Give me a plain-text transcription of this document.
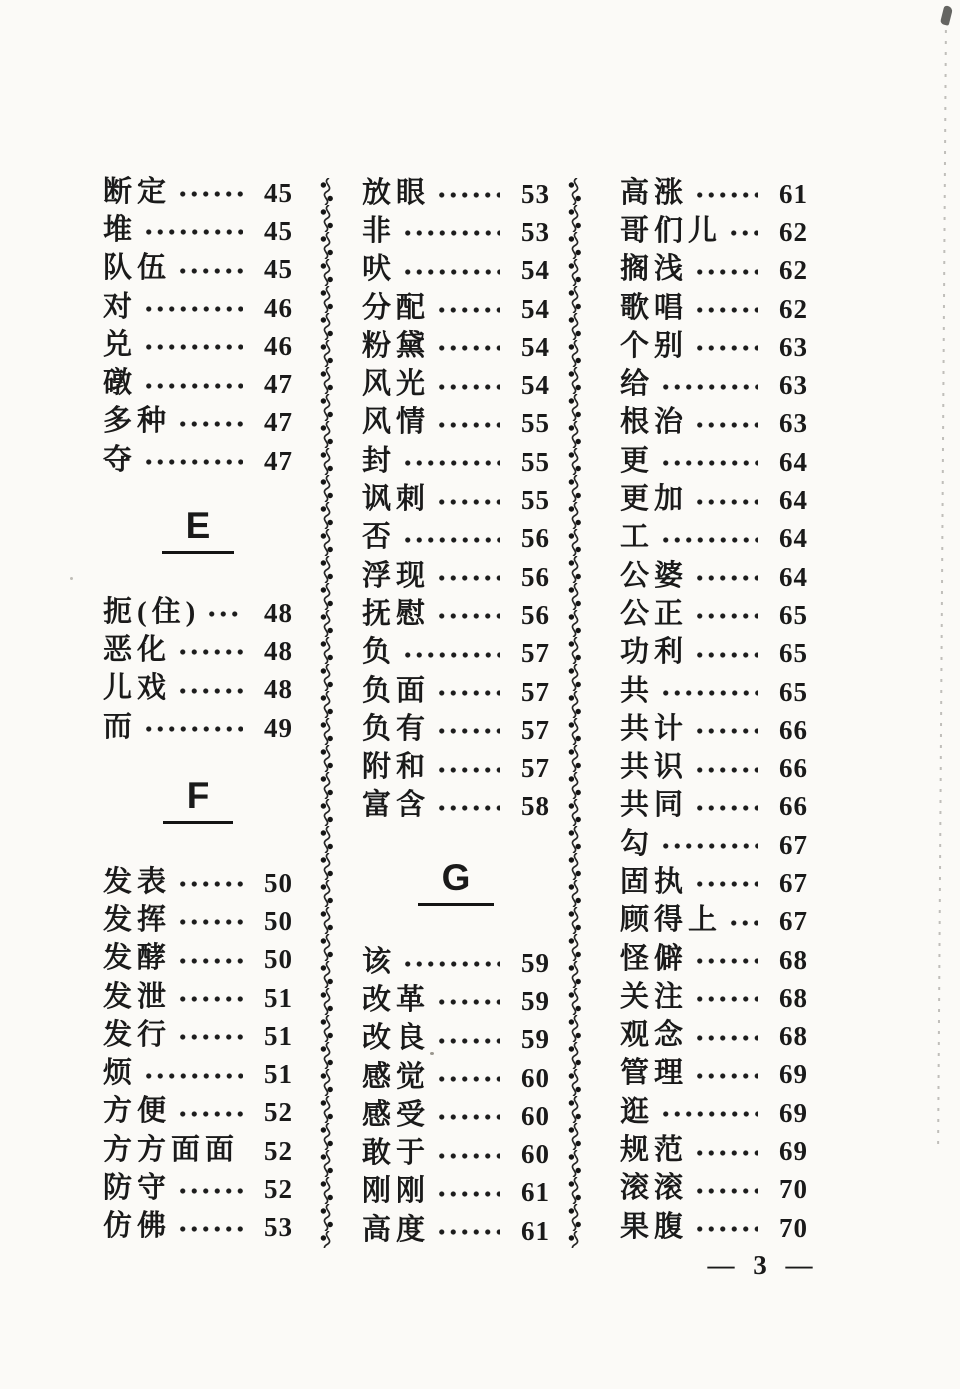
断定	45
堆	45
队伍	45
对	46
兑	46
礅	47
多种	47
夺	47
E
扼(住)	48
恶化	48
儿戏	48
而	49
F
发表	50
发挥	50
发酵	50
发泄	51
发行	51
烦	51
方便	52
方方面面 52
防守	52
仿佛	53
放眼	53
非	53
吠	54
分配	54
粉黛	54
风光	54
风情	55
封	55
讽刺	55
否	56
浮现	56
抚慰	56
负	57
负面	57
负有	57
附和	57
富含	58
G
该	59
改革	59
改良	59
感觉	60
感受	60
敢于	60
刚刚	61
高度	61
高涨	61
哥们儿	62
搁浅	62
歌唱	62
个别	63
给	63
根治	63
更	64
更加	64
工	64
公婆	64
公正	65
功利	65
共	65
共计	66
共识	66
共同	66
勾	67
固执	67
顾得上	67
怪僻	68
关注	68
观念	68
管理	69
逛	69
规范	69
滚滚	70
果腹	70
— 3 —
